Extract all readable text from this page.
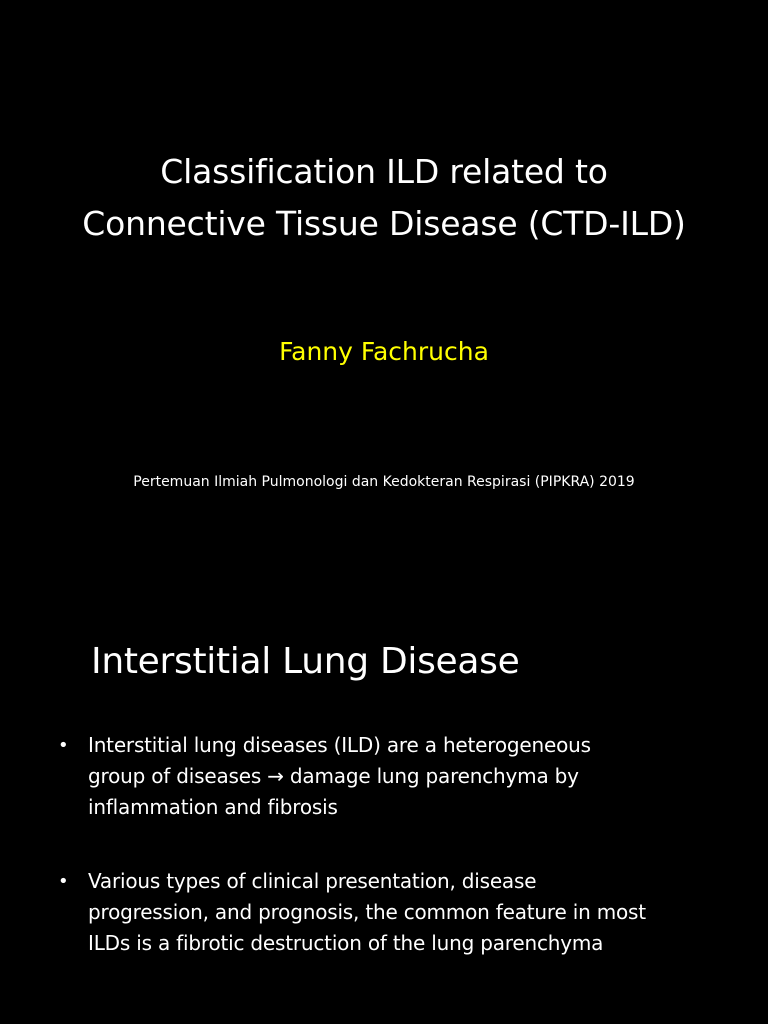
Classification ILD related to
Connective Tissue Disease (CTD-ILD)
Fanny Fachrucha
Pertemuan Ilmiah Pulmonologi dan Kedokteran Respirasi (PIPKRA) 2019
Interstitial Lung Disease
• Interstitial lung diseases (ILD) are a heterogeneous group of diseases → damage lung parenchyma by inflammation and fibrosis
• Various types of clinical presentation, disease progression, and prognosis, the common feature in most ILDs is a fibrotic destruction of the lung parenchyma
